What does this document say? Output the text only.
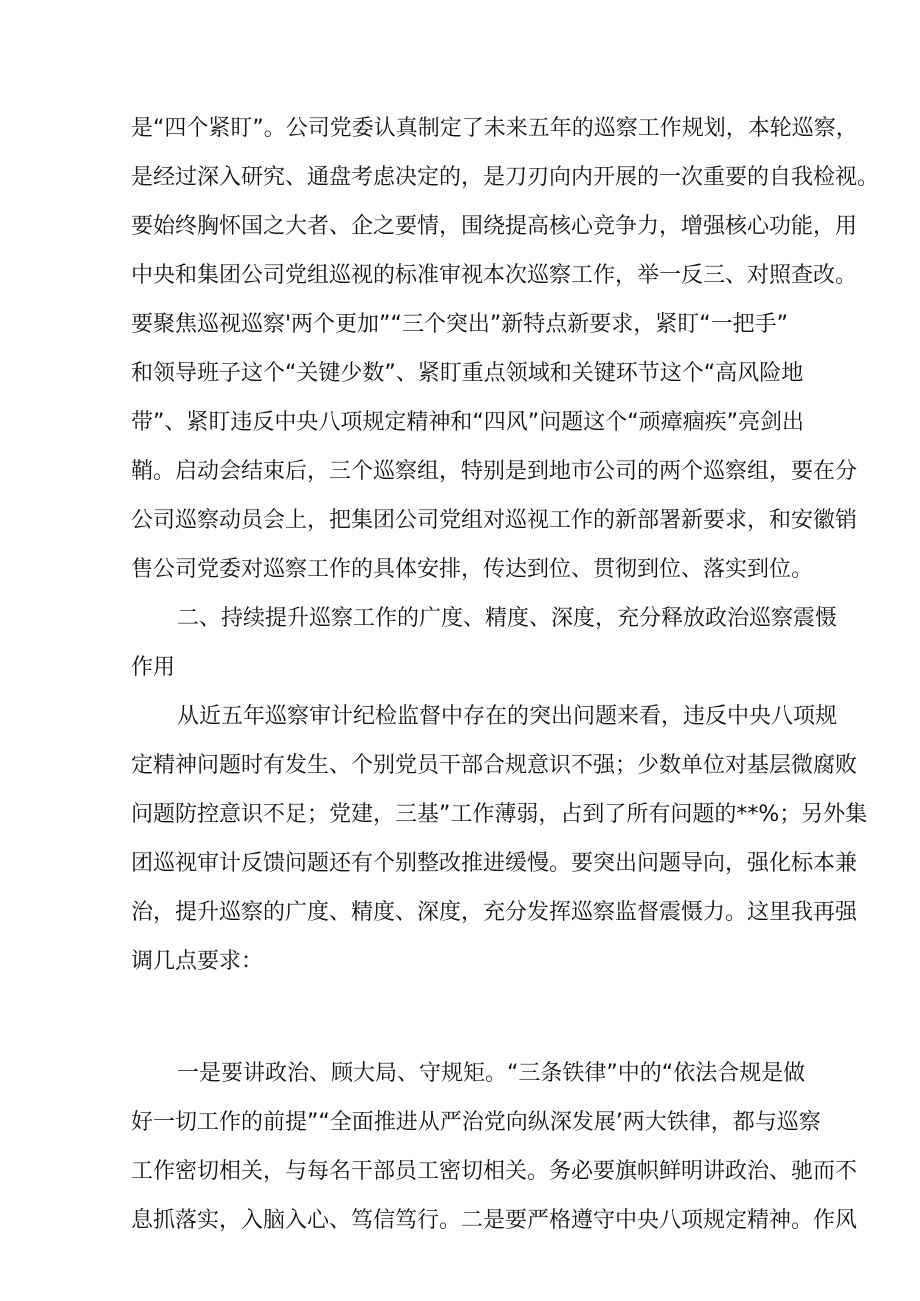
是“四个紧盯”。公司党委认真制定了未来五年的巡察工作规划，本轮巡察，
是经过深入研究、通盘考虑决定的，是刀刃向内开展的一次重要的自我检视。
要始终胸怀国之大者、企之要情，围绕提高核心竞争力，增强核心功能，用
中央和集团公司党组巡视的标准审视本次巡察工作，举一反三、对照查改。
要聚焦巡视巡察'两个更加”“三个突出”新特点新要求，紧盯“一把手”
和领导班子这个“关键少数”、紧盯重点领域和关键环节这个“高风险地
带”、紧盯违反中央八项规定精神和“四风”问题这个“顽瘴痼疾”亮剑出
鞘。启动会结束后，三个巡察组，特别是到地市公司的两个巡察组，要在分
公司巡察动员会上，把集团公司党组对巡视工作的新部署新要求，和安徽销
售公司党委对巡察工作的具体安排，传达到位、贯彻到位、落实到位。
二、持续提升巡察工作的广度、精度、深度，充分释放政治巡察震慑
作用
从近五年巡察审计纪检监督中存在的突出问题来看，违反中央八项规
定精神问题时有发生、个别党员干部合规意识不强；少数单位对基层微腐败
问题防控意识不足；党建，三基”工作薄弱，占到了所有问题的**%；另外集
团巡视审计反馈问题还有个别整改推进缓慢。要突出问题导向，强化标本兼
治，提升巡察的广度、精度、深度，充分发挥巡察监督震慑力。这里我再强
调几点要求：
一是要讲政治、顾大局、守规矩。“三条铁律”中的“依法合规是做
好一切工作的前提”“全面推进从严治党向纵深发展’两大铁律，都与巡察
工作密切相关，与每名干部员工密切相关。务必要旗帜鲜明讲政治、驰而不
息抓落实，入脑入心、笃信笃行。二是要严格遵守中央八项规定精神。作风
